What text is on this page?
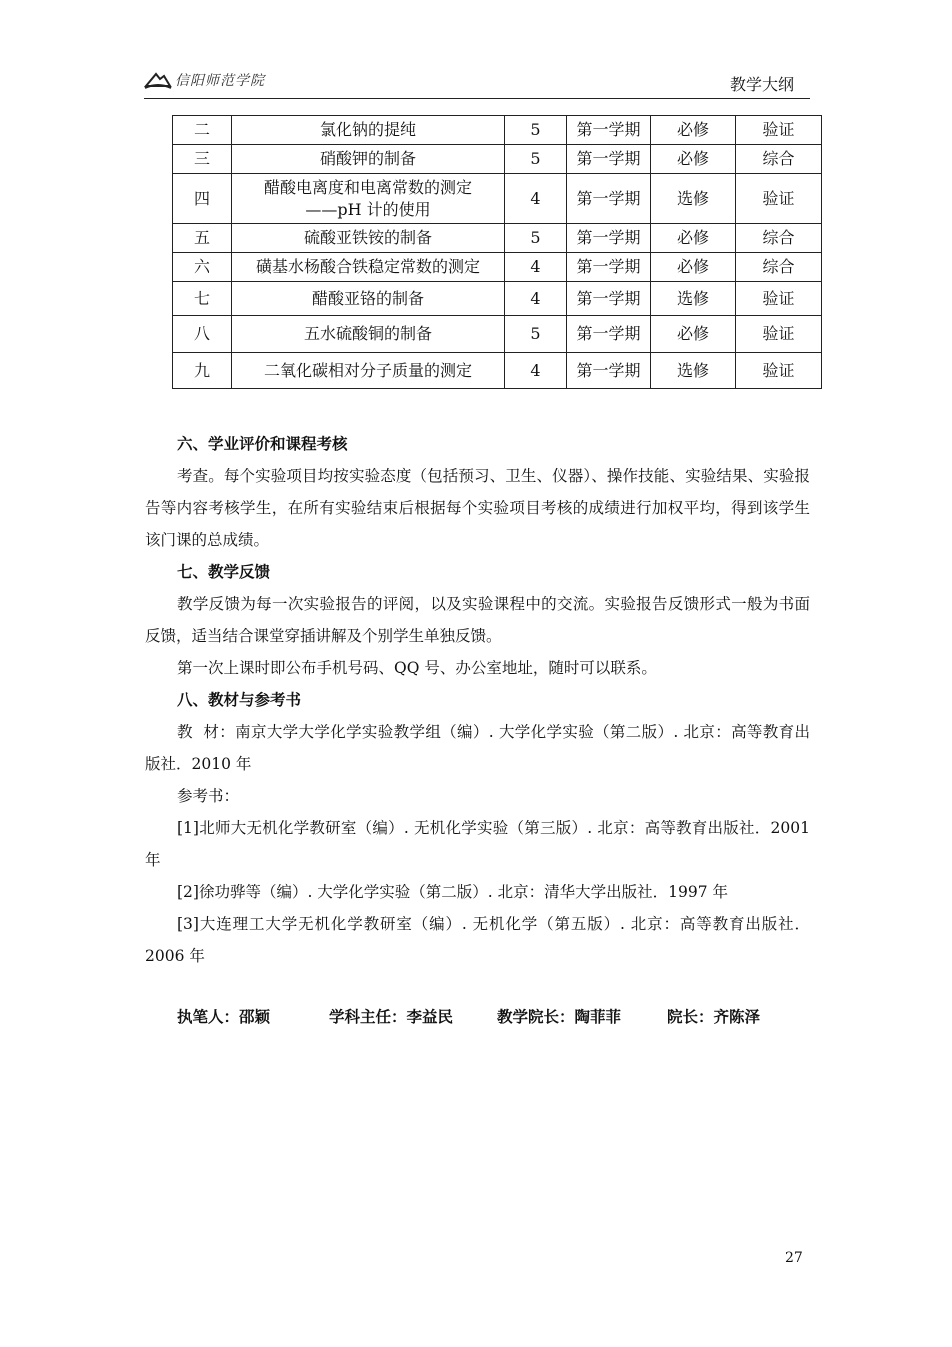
信阳师范学院	教学大纲
二	氯化钠的提纯	5	第一学期	必修	验证
三	硝酸钾的制备	5	第一学期	必修	综合
四	醋酸电离度和电离常数的测定
——pH 计的使用	4	第一学期	选修	验证
五	硫酸亚铁铵的制备	5	第一学期	必修	综合
六	磺基水杨酸合铁稳定常数的测定	4	第一学期	必修	综合
七	醋酸亚铬的制备	4	第一学期	选修	验证
八	五水硫酸铜的制备	5	第一学期	必修	验证
九	二氧化碳相对分子质量的测定	4	第一学期	选修	验证

六、学业评价和课程考核

考查。每个实验项目均按实验态度（包括预习、卫生、仪器）、操作技能、实验结果、实验报告等内容考核学生，在所有实验结束后根据每个实验项目考核的成绩进行加权平均，得到该学生该门课的总成绩。

七、教学反馈

教学反馈为每一次实验报告的评阅，以及实验课程中的交流。实验报告反馈形式一般为书面反馈，适当结合课堂穿插讲解及个别学生单独反馈。

第一次上课时即公布手机号码、QQ 号、办公室地址，随时可以联系。

八、教材与参考书

教  材：南京大学大学化学实验教学组（编）. 大学化学实验（第二版）. 北京：高等教育出版社．2010 年

参考书：

[1]北师大无机化学教研室（编）. 无机化学实验（第三版）. 北京：高等教育出版社．2001 年

[2]徐功骅等（编）. 大学化学实验（第二版）. 北京：清华大学出版社．1997 年

[3]大连理工大学无机化学教研室（编）. 无机化学（第五版）. 北京：高等教育出版社．2006 年

执笔人：邵颖	学科主任：李益民	教学院长：陶菲菲	院长：齐陈泽
27
